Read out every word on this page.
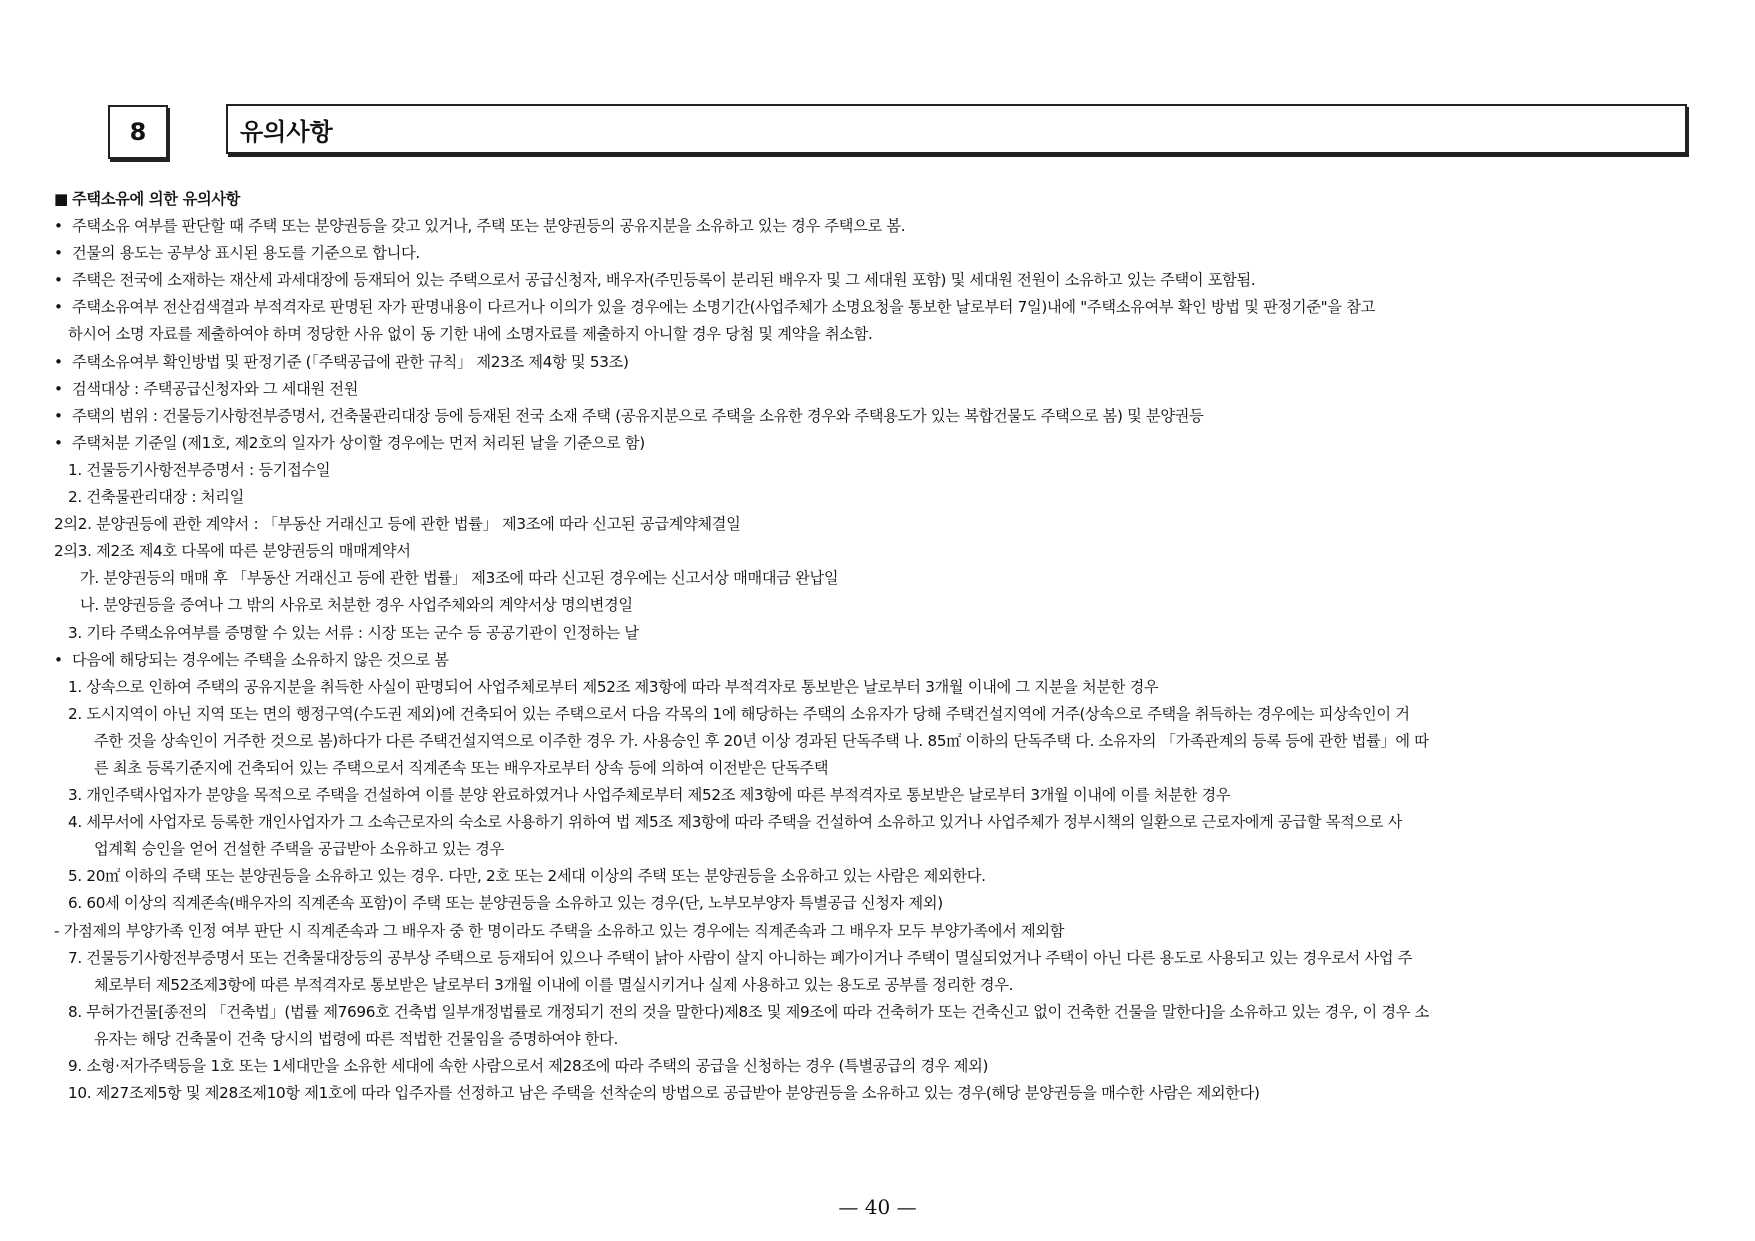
8	유의사항
■ 주택소유에 의한 유의사항
• 주택소유 여부를 판단할 때 주택 또는 분양권등을 갖고 있거나, 주택 또는 분양권등의 공유지분을 소유하고 있는 경우 주택으로 봄.
• 건물의 용도는 공부상 표시된 용도를 기준으로 합니다.
• 주택은 전국에 소재하는 재산세 과세대장에 등재되어 있는 주택으로서 공급신청자, 배우자(주민등록이 분리된 배우자 및 그 세대원 포함) 및 세대원 전원이 소유하고 있는 주택이 포함됨.
• 주택소유여부 전산검색결과 부적격자로 판명된 자가 판명내용이 다르거나 이의가 있을 경우에는 소명기간(사업주체가 소명요청을 통보한 날로부터 7일)내에 "주택소유여부 확인 방법 및 판정기준"을 참고
하시어 소명 자료를 제출하여야 하며 정당한 사유 없이 동 기한 내에 소명자료를 제출하지 아니할 경우 당첨 및 계약을 취소함.
• 주택소유여부 확인방법 및 판정기준 (「주택공급에 관한 규칙」 제23조 제4항 및 53조)
• 검색대상 : 주택공급신청자와 그 세대원 전원
• 주택의 범위 : 건물등기사항전부증명서, 건축물관리대장 등에 등재된 전국 소재 주택 (공유지분으로 주택을 소유한 경우와 주택용도가 있는 복합건물도 주택으로 봄) 및 분양권등
• 주택처분 기준일 (제1호, 제2호의 일자가 상이할 경우에는 먼저 처리된 날을 기준으로 함)
1. 건물등기사항전부증명서 : 등기접수일
2. 건축물관리대장 : 처리일
2의2. 분양권등에 관한 계약서 : 「부동산 거래신고 등에 관한 법률」 제3조에 따라 신고된 공급계약체결일
2의3. 제2조 제4호 다목에 따른 분양권등의 매매계약서
가. 분양권등의 매매 후 「부동산 거래신고 등에 관한 법률」 제3조에 따라 신고된 경우에는 신고서상 매매대금 완납일
나. 분양권등을 증여나 그 밖의 사유로 처분한 경우 사업주체와의 계약서상 명의변경일
3. 기타 주택소유여부를 증명할 수 있는 서류 : 시장 또는 군수 등 공공기관이 인정하는 날
• 다음에 해당되는 경우에는 주택을 소유하지 않은 것으로 봄
1. 상속으로 인하여 주택의 공유지분을 취득한 사실이 판명되어 사업주체로부터 제52조 제3항에 따라 부적격자로 통보받은 날로부터 3개월 이내에 그 지분을 처분한 경우
2. 도시지역이 아닌 지역 또는 면의 행정구역(수도권 제외)에 건축되어 있는 주택으로서 다음 각목의 1에 해당하는 주택의 소유자가 당해 주택건설지역에 거주(상속으로 주택을 취득하는 경우에는 피상속인이 거
주한 것을 상속인이 거주한 것으로 봄)하다가 다른 주택건설지역으로 이주한 경우 가. 사용승인 후 20년 이상 경과된 단독주택 나. 85㎡ 이하의 단독주택 다. 소유자의 「가족관계의 등록 등에 관한 법률」에 따
른 최초 등록기준지에 건축되어 있는 주택으로서 직계존속 또는 배우자로부터 상속 등에 의하여 이전받은 단독주택
3. 개인주택사업자가 분양을 목적으로 주택을 건설하여 이를 분양 완료하였거나 사업주체로부터 제52조 제3항에 따른 부적격자로 통보받은 날로부터 3개월 이내에 이를 처분한 경우
4. 세무서에 사업자로 등록한 개인사업자가 그 소속근로자의 숙소로 사용하기 위하여 법 제5조 제3항에 따라 주택을 건설하여 소유하고 있거나 사업주체가 정부시책의 일환으로 근로자에게 공급할 목적으로 사
업계획 승인을 얻어 건설한 주택을 공급받아 소유하고 있는 경우
5. 20㎡ 이하의 주택 또는 분양권등을 소유하고 있는 경우. 다만, 2호 또는 2세대 이상의 주택 또는 분양권등을 소유하고 있는 사람은 제외한다.
6. 60세 이상의 직계존속(배우자의 직계존속 포함)이 주택 또는 분양권등을 소유하고 있는 경우(단, 노부모부양자 특별공급 신청자 제외)
- 가점제의 부양가족 인정 여부 판단 시 직계존속과 그 배우자 중 한 명이라도 주택을 소유하고 있는 경우에는 직계존속과 그 배우자 모두 부양가족에서 제외함
7. 건물등기사항전부증명서 또는 건축물대장등의 공부상 주택으로 등재되어 있으나 주택이 낡아 사람이 살지 아니하는 폐가이거나 주택이 멸실되었거나 주택이 아닌 다른 용도로 사용되고 있는 경우로서 사업 주
체로부터 제52조제3항에 따른 부적격자로 통보받은 날로부터 3개월 이내에 이를 멸실시키거나 실제 사용하고 있는 용도로 공부를 정리한 경우.
8. 무허가건물[종전의 「건축법」(법률 제7696호 건축법 일부개정법률로 개정되기 전의 것을 말한다)제8조 및 제9조에 따라 건축허가 또는 건축신고 없이 건축한 건물을 말한다]을 소유하고 있는 경우, 이 경우 소
유자는 해당 건축물이 건축 당시의 법령에 따른 적법한 건물임을 증명하여야 한다.
9. 소형·저가주택등을 1호 또는 1세대만을 소유한 세대에 속한 사람으로서 제28조에 따라 주택의 공급을 신청하는 경우 (특별공급의 경우 제외)
10. 제27조제5항 및 제28조제10항 제1호에 따라 입주자를 선정하고 남은 주택을 선착순의 방법으로 공급받아 분양권등을 소유하고 있는 경우(해당 분양권등을 매수한 사람은 제외한다)
— 40 —
